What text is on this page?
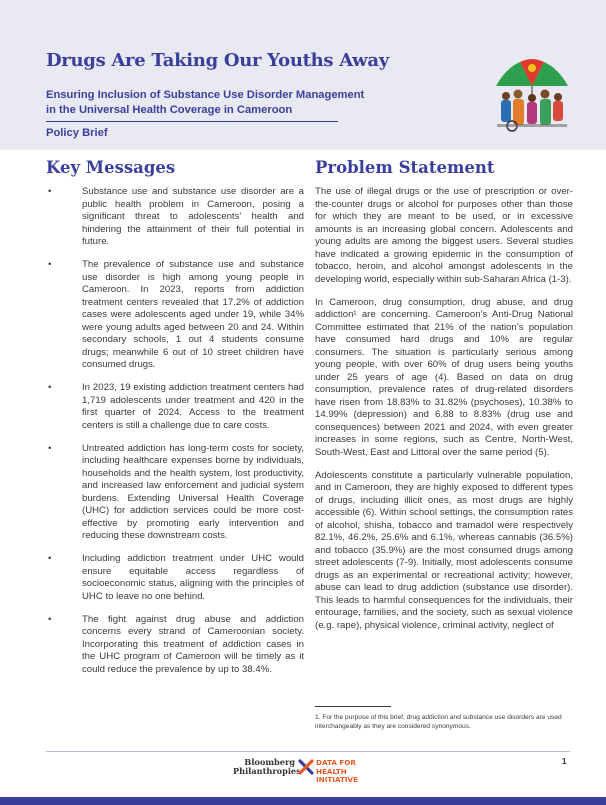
Drugs Are Taking Our Youths Away
Ensuring Inclusion of Substance Use Disorder Management in the Universal Health Coverage in Cameroon
Policy Brief
Key Messages	Problem Statement
• Substance use and substance use disorder are a public health problem in Cameroon, posing a significant threat to adolescents’ health and hindering the attainment of their full potential in future.
• The prevalence of substance use and substance use disorder is high among young people in Cameroon. In 2023, reports from addiction treatment centers revealed that 17.2% of addiction cases were adolescents aged under 19, while 34% were young adults aged between 20 and 24. Within secondary schools, 1 out 4 students consume drugs; meanwhile 6 out of 10 street children have consumed drugs.
• In 2023, 19 existing addiction treatment centers had 1,719 adolescents under treatment and 420 in the first quarter of 2024. Access to the treatment centers is still a challenge due to care costs.
• Untreated addiction has long-term costs for society, including healthcare expenses borne by individuals, households and the health system, lost productivity, and increased law enforcement and judicial system burdens. Extending Universal Health Coverage (UHC) for addiction services could be more cost-effective by promoting early intervention and reducing these downstream costs.
• Including addiction treatment under UHC would ensure equitable access regardless of socioeconomic status, aligning with the principles of UHC to leave no one behind.
• The fight against drug abuse and addiction concerns every strand of Cameroonian society. Incorporating this treatment of addiction cases in the UHC program of Cameroon will be timely as it could reduce the prevalence by up to 38.4%.

The use of illegal drugs or the use of prescription or over-the-counter drugs or alcohol for purposes other than those for which they are meant to be used, or in excessive amounts is an increasing global concern. Adolescents and young adults are among the biggest users. Several studies have indicated a growing epidemic in the consumption of tobacco, heroin, and alcohol amongst adolescents in the developing world, especially within sub-Saharan Africa (1-3).

In Cameroon, drug consumption, drug abuse, and drug addiction¹ are concerning. Cameroon’s Anti-Drug National Committee estimated that 21% of the nation’s population have consumed hard drugs and 10% are regular consumers. The situation is particularly serious among young people, with over 60% of drug users being youths under 25 years of age (4). Based on data on drug consumption, prevalence rates of drug-related disorders have risen from 18.83% to 31.82% (psychoses), 10.38% to 14.99% (depression) and 6.88 to 8.83% (drug use and consequences) between 2021 and 2024, with even greater increases in some regions, such as Centre, North-West, South-West, East and Littoral over the same period (5).

Adolescents constitute a particularly vulnerable population, and in Cameroon, they are highly exposed to different types of drugs, including illicit ones, as most drugs are highly accessible (6). Within school settings, the consumption rates of alcohol, shisha, tobacco and tramadol were respectively 82.1%, 46.2%, 25.6% and 6.1%, whereas cannabis (36.5%) and tobacco (35.9%) are the most consumed drugs among street adolescents (7-9). Initially, most adolescents consume drugs as an experimental or recreational activity; however, abuse can lead to drug addiction (substance use disorder). This leads to harmful consequences for the individuals, their entourage, families, and the society, such as sexual violence (e.g. rape), physical violence, criminal activity, neglect of

1. For the purpose of this brief, drug addiction and substance use disorders are used interchangeably as they are considered synonymous.
Bloomberg
Philanthropies
DATA FOR
HEALTH INITIATIVE
1
